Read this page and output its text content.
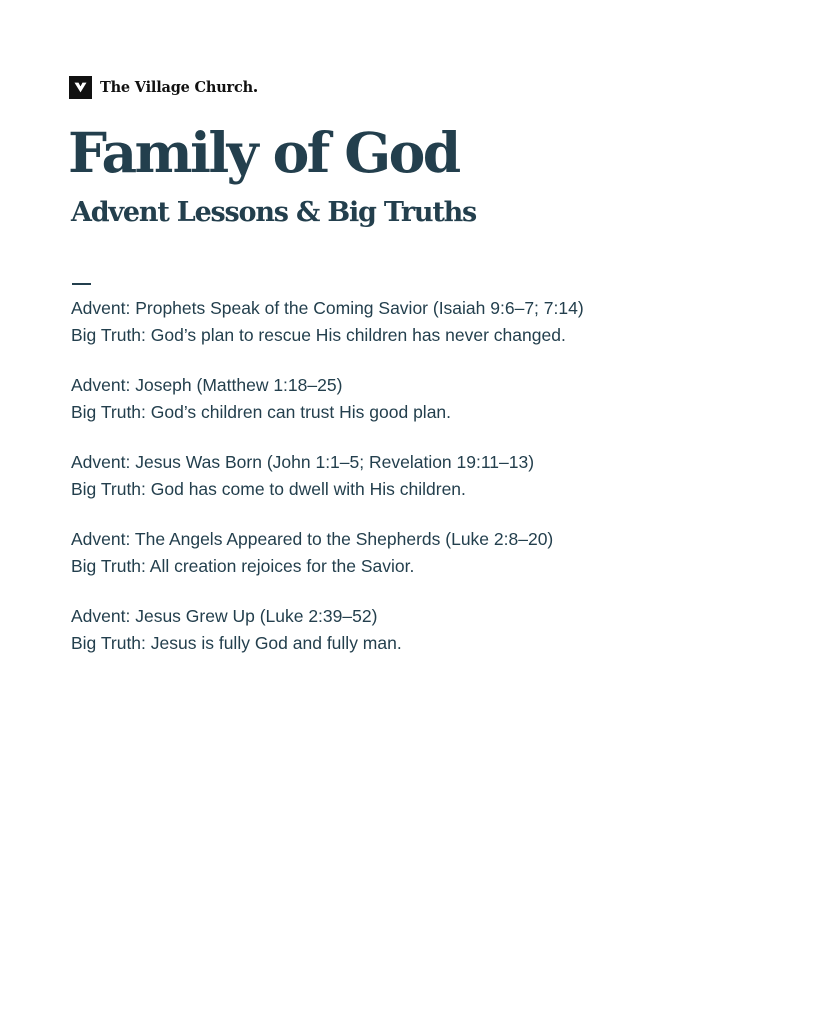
The Village Church
Family of God
Advent Lessons & Big Truths
Advent: Prophets Speak of the Coming Savior (Isaiah 9:6–7; 7:14)
Big Truth: God’s plan to rescue His children has never changed.
Advent: Joseph (Matthew 1:18–25)
Big Truth: God’s children can trust His good plan.
Advent: Jesus Was Born (John 1:1–5; Revelation 19:11–13)
Big Truth: God has come to dwell with His children.
Advent: The Angels Appeared to the Shepherds (Luke 2:8–20)
Big Truth: All creation rejoices for the Savior.
Advent: Jesus Grew Up (Luke 2:39–52)
Big Truth: Jesus is fully God and fully man.
